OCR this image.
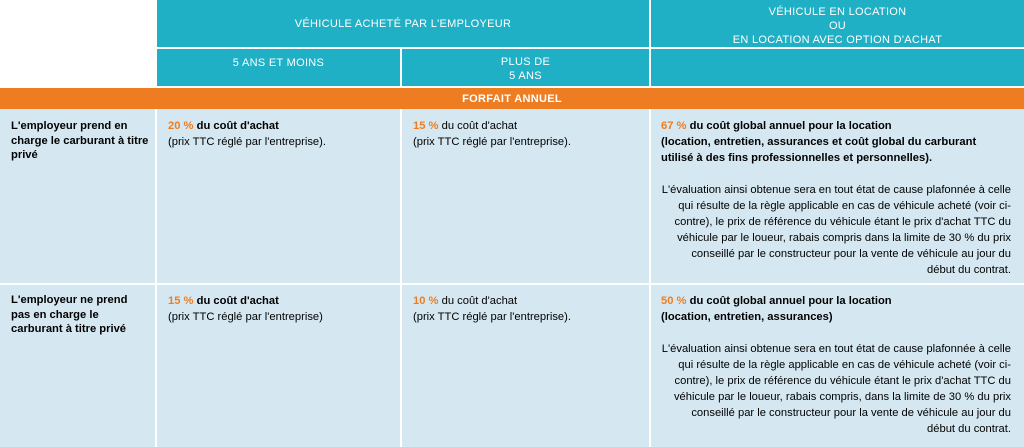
VÉHICULE ACHETÉ PAR L'EMPLOYEUR
5 ANS ET MOINS	PLUS DE
5 ANS
VÉHICULE EN LOCATION
OU
EN LOCATION AVEC OPTION D'ACHAT
FORFAIT ANNUEL
L'employeur prend en charge le carburant à titre privé
20 % du coût d'achat
(prix TTC réglé par l'entreprise).
15 % du coût d'achat
(prix TTC réglé par l'entreprise).
67 % du coût global annuel pour la location
(location, entretien, assurances et coût global du carburant utilisé à des fins professionnelles et personnelles).
L'évaluation ainsi obtenue sera en tout état de cause plafonnée à celle qui résulte de la règle applicable en cas de véhicule acheté (voir ci-contre), le prix de référence du véhicule étant le prix d'achat TTC du véhicule par le loueur, rabais compris dans la limite de 30 % du prix conseillé par le constructeur pour la vente de véhicule au jour du début du contrat.
L'employeur ne prend pas en charge le carburant à titre privé
15 % du coût d'achat
(prix TTC réglé par l'entreprise)
10 % du coût d'achat
(prix TTC réglé par l'entreprise).
50 % du coût global annuel pour la location
(location, entretien, assurances)
L'évaluation ainsi obtenue sera en tout état de cause plafonnée à celle qui résulte de la règle applicable en cas de véhicule acheté (voir ci-contre), le prix de référence du véhicule étant le prix d'achat TTC du véhicule par le loueur, rabais compris, dans la limite de 30 % du prix conseillé par le constructeur pour la vente de véhicule au jour du début du contrat.
